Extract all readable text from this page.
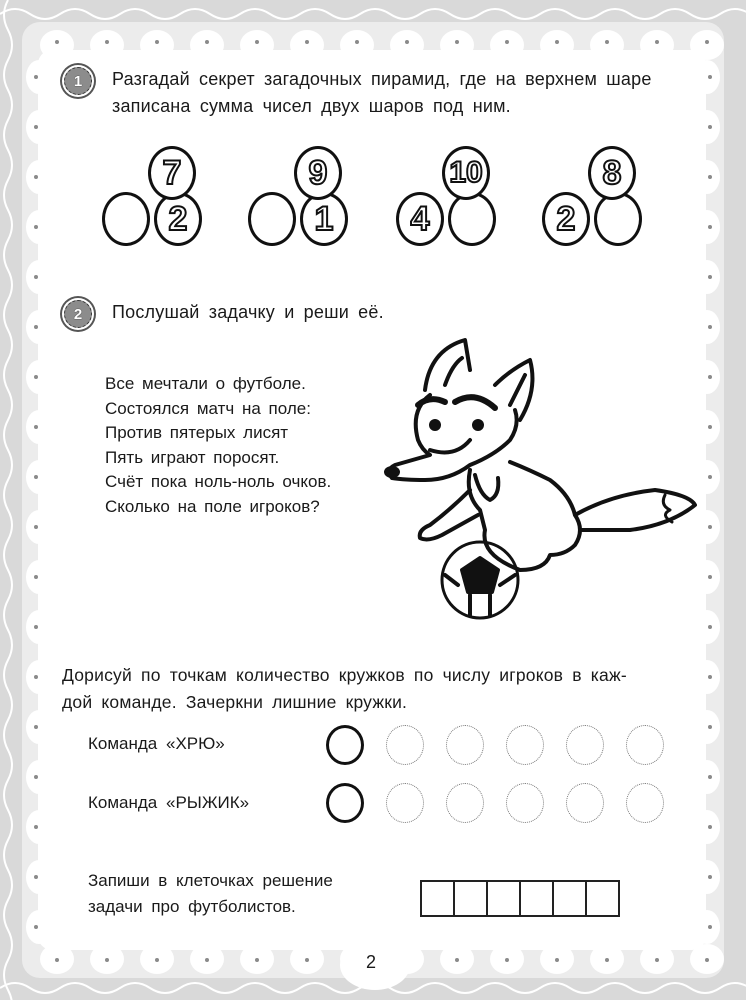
1	Разгадай секрет загадочных пирамид, где на верхнем шаре
записана сумма чисел двух шаров под ним.
7
2
9
1
10
4
8
2
2	Послушай задачку и реши её.
Все мечтали о футболе.
Состоялся матч на поле:
Против пятерых лисят
Пять играют поросят.
Счёт пока ноль-ноль очков.
Сколько на поле игроков?
Дорисуй по точкам количество кружков по числу игроков в каж-
дой команде. Зачеркни лишние кружки.
Команда «ХРЮ»
Команда «РЫЖИК»
Запиши в клеточках решение
задачи про футболистов.
2
